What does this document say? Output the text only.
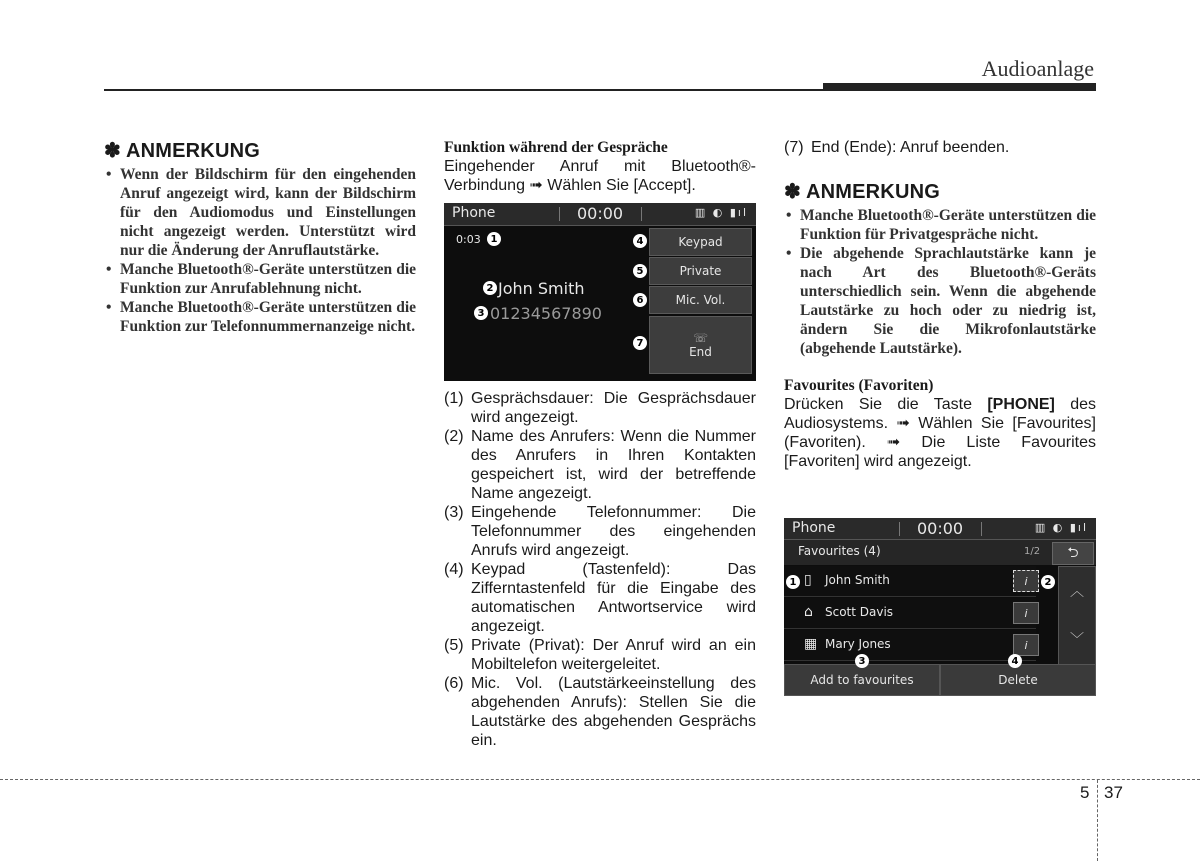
Audioanlage
✽ ANMERKUNG
• Wenn der Bildschirm für den eingehenden Anruf angezeigt wird, kann der Bildschirm für den Audiomodus und Einstellungen nicht angezeigt werden. Unterstützt wird nur die Änderung der Anruflautstärke.
• Manche Bluetooth®-Geräte unterstützen die Funktion zur Anrufablehnung nicht.
• Manche Bluetooth®-Geräte unterstützen die Funktion zur Telefonnummernanzeige nicht.
Funktion während der Gespräche
Eingehender Anruf mit Bluetooth®-Verbindung ➟ Wählen Sie [Accept].
Phone	00:00	▥ ◐ ▮ıl
0:03
John Smith
01234567890
Keypad
Private
Mic. Vol.
☏
End
1
2
3
4
5
6
7
(1) Gesprächsdauer: Die Gesprächsdauer wird angezeigt.
(2) Name des Anrufers: Wenn die Nummer des Anrufers in Ihren Kontakten gespeichert ist, wird der betreffende Name angezeigt.
(3) Eingehende Telefonnummer: Die Telefonnummer des eingehenden Anrufs wird angezeigt.
(4) Keypad (Tastenfeld): Das Zifferntastenfeld für die Eingabe des automatischen Antwortservice wird angezeigt.
(5) Private (Privat): Der Anruf wird an ein Mobiltelefon weitergeleitet.
(6) Mic. Vol. (Lautstärkeeinstellung des abgehenden Anrufs): Stellen Sie die Lautstärke des abgehenden Gesprächs ein.
(7) End (Ende): Anruf beenden.
✽ ANMERKUNG
• Manche Bluetooth®-Geräte unterstützen die Funktion für Privatgespräche nicht.
• Die abgehende Sprachlautstärke kann je nach Art des Bluetooth®-Geräts unterschiedlich sein. Wenn die abgehende Lautstärke zu hoch oder zu niedrig ist, ändern Sie die Mikrofonlautstärke (abgehende Lautstärke).
Favourites (Favoriten)
Drücken Sie die Taste [PHONE] des Audiosystems. ➟ Wählen Sie [Favourites] (Favoriten). ➟ Die Liste Favourites [Favoriten] wird angezeigt.
Phone	00:00	▥ ◐ ▮ıl
Favourites (4)	1/2 ⮌
▯ John Smith	i
⌂ Scott Davis	i
▦ Mary Jones	i
︿
﹀
Add to favourites	Delete
1	2
3	4
5 37
